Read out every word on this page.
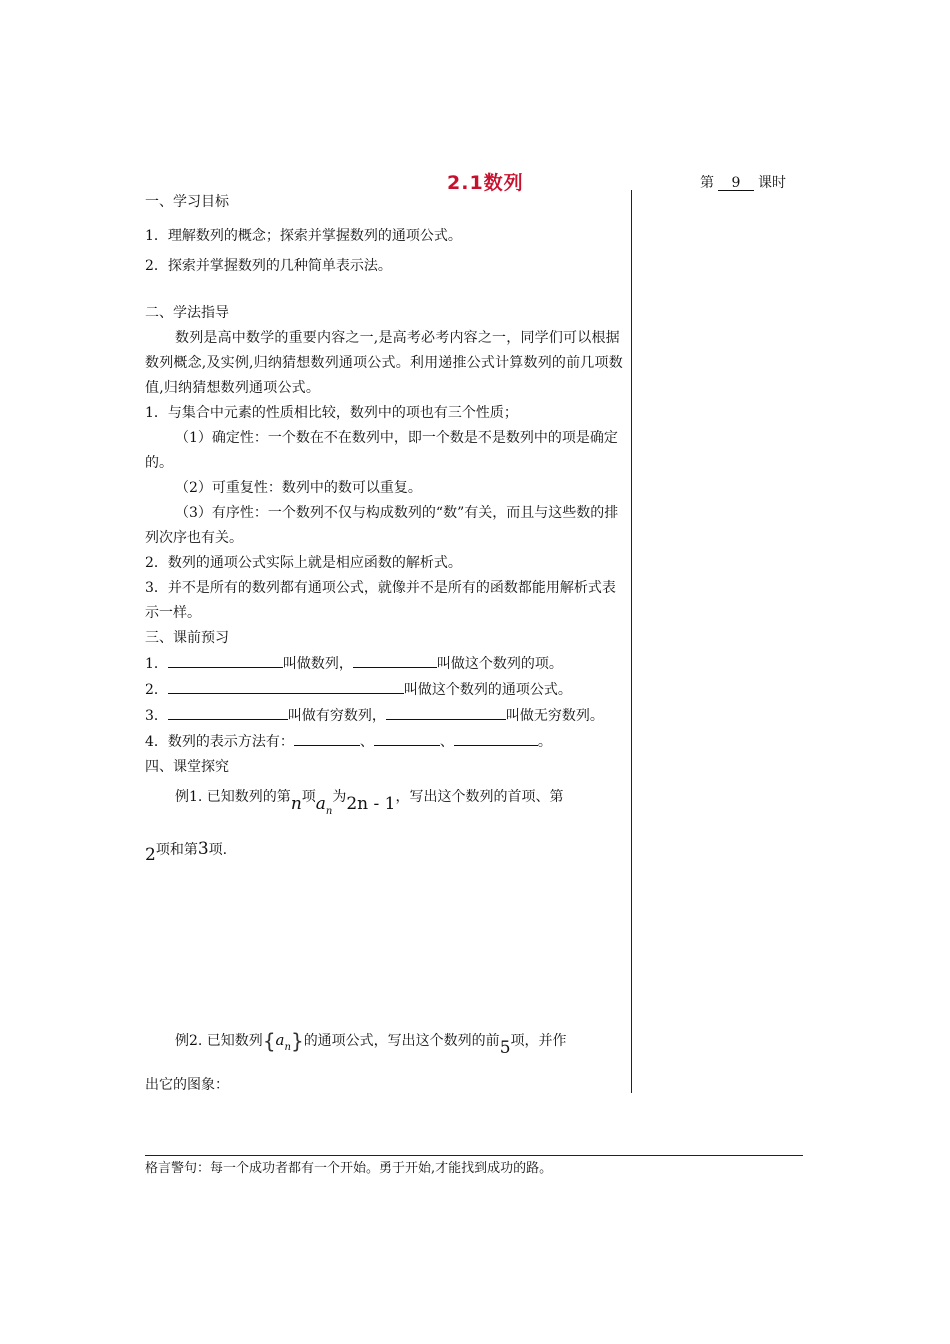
2.1数列	第 9 课时

一、学习目标

1．理解数列的概念；探索并掌握数列的通项公式。

2．探索并掌握数列的几种简单表示法。

二、学法指导

数列是高中数学的重要内容之一,是高考必考内容之一，同学们可以根据数列概念,及实例,归纳猜想数列通项公式。利用递推公式计算数列的前几项数值,归纳猜想数列通项公式。

1．与集合中元素的性质相比较，数列中的项也有三个性质；

（1）确定性：一个数在不在数列中，即一个数是不是数列中的项是确定的。

（2）可重复性：数列中的数可以重复。

（3）有序性：一个数列不仅与构成数列的“数”有关，而且与这些数的排列次序也有关。

2．数列的通项公式实际上就是相应函数的解析式。

3．并不是所有的数列都有通项公式，就像并不是所有的函数都能用解析式表示一样。

三、课前预习

1．	叫做数列，	叫做这个数列的项。

2．	叫做这个数列的通项公式。

3．	叫做有穷数列，	叫做无穷数列。

4．数列的表示方法有：	、	、	。

四、课堂探究

例1. 已知数列的第n项$a_n$为2n - 1，写出这个数列的首项、第

2项和第3项.

例2. 已知数列$\{a_n\}$的通项公式，写出这个数列的前5项，并作

出它的图象：

格言警句：每一个成功者都有一个开始。勇于开始,才能找到成功的路。
